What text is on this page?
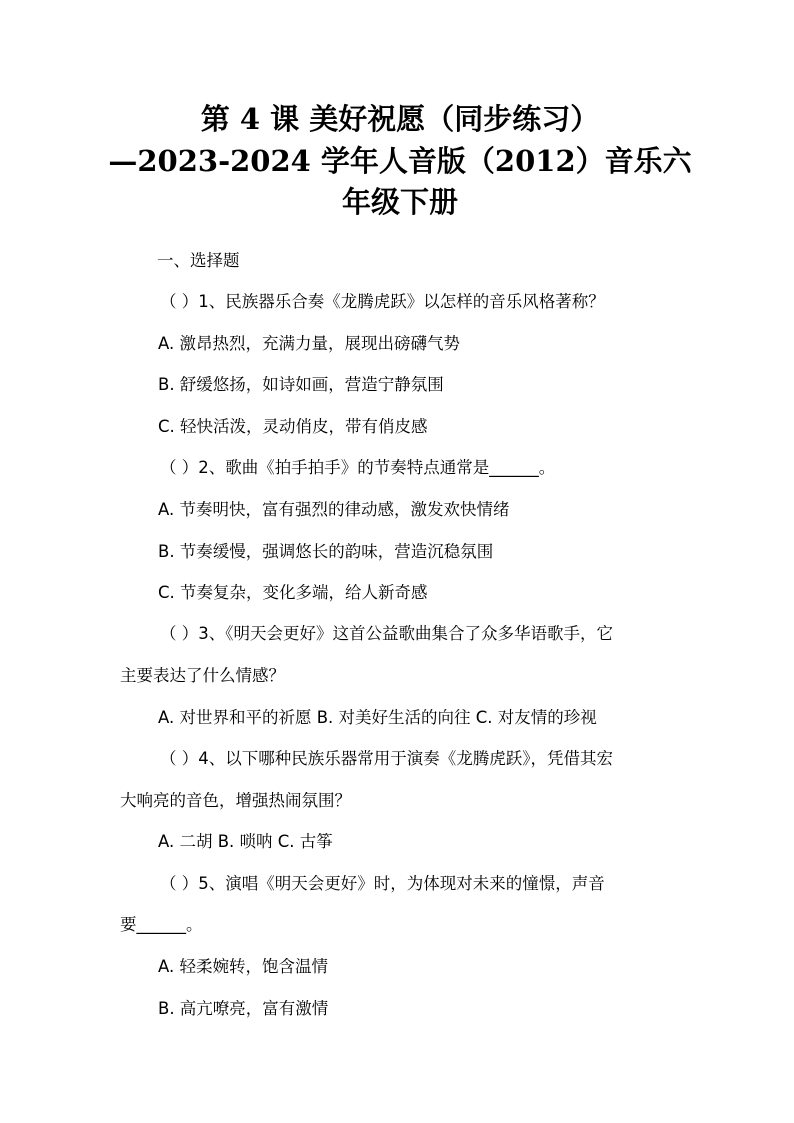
第 4 课 美好祝愿（同步练习）
—2023-2024 学年人音版（2012）音乐六
年级下册

一、选择题

（ ）1、民族器乐合奏《龙腾虎跃》以怎样的音乐风格著称？

A. 激昂热烈，充满力量，展现出磅礴气势

B. 舒缓悠扬，如诗如画，营造宁静氛围

C. 轻快活泼，灵动俏皮，带有俏皮感

（ ）2、歌曲《拍手拍手》的节奏特点通常是______。

A. 节奏明快，富有强烈的律动感，激发欢快情绪

B. 节奏缓慢，强调悠长的韵味，营造沉稳氛围

C. 节奏复杂，变化多端，给人新奇感

（ ）3、《明天会更好》这首公益歌曲集合了众多华语歌手，它

主要表达了什么情感？

A. 对世界和平的祈愿 B. 对美好生活的向往 C. 对友情的珍视

（ ）4、以下哪种民族乐器常用于演奏《龙腾虎跃》，凭借其宏

大响亮的音色，增强热闹氛围？

A. 二胡 B. 唢呐 C. 古筝

（ ）5、演唱《明天会更好》时，为体现对未来的憧憬，声音

要______。

A. 轻柔婉转，饱含温情

B. 高亢嘹亮，富有激情
